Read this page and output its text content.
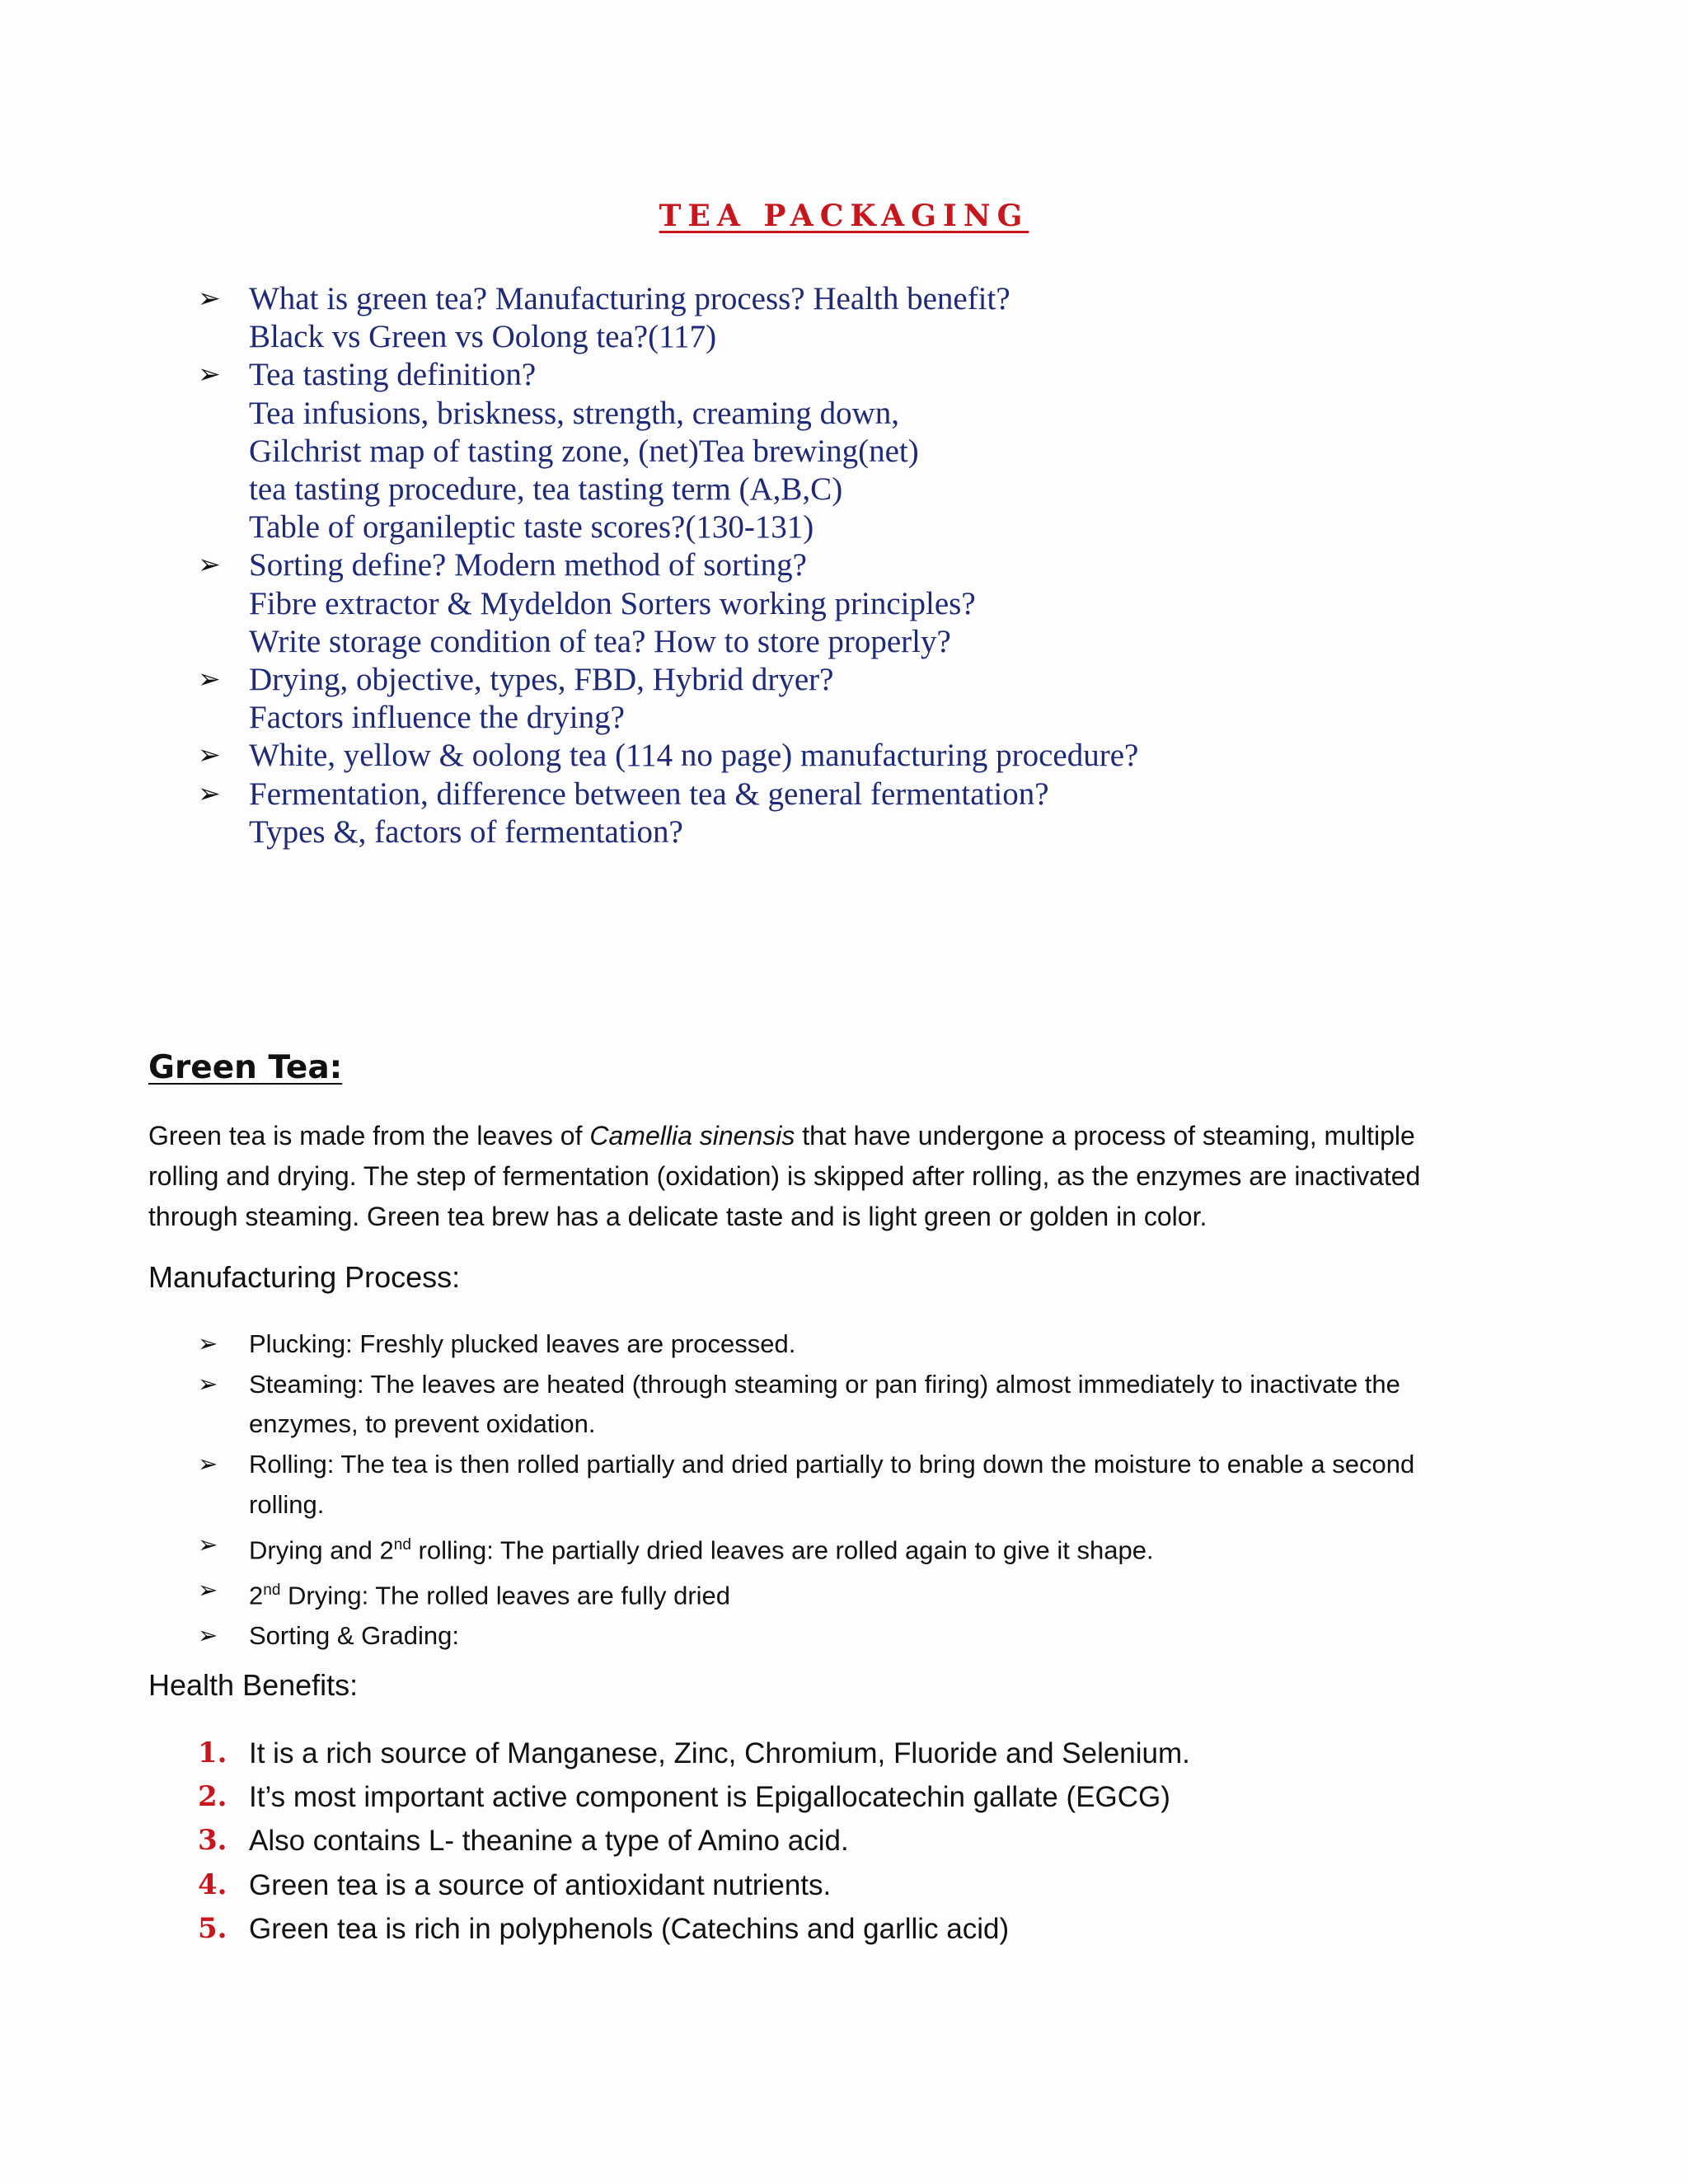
TEA PACKAGING
➢ What is green tea? Manufacturing process? Health benefit?
Black vs Green vs Oolong tea?(117)
➢ Tea tasting definition?
Tea infusions, briskness, strength, creaming down,
Gilchrist map of tasting zone, (net)Tea brewing(net)
tea tasting procedure, tea tasting term (A,B,C)
Table of organileptic taste scores?(130-131)
➢ Sorting define? Modern method of sorting?
Fibre extractor & Mydeldon Sorters working principles?
Write storage condition of tea? How to store properly?
➢ Drying, objective, types, FBD, Hybrid dryer?
Factors influence the drying?
➢ White, yellow & oolong tea (114 no page) manufacturing procedure?
➢ Fermentation, difference between tea & general fermentation?
Types &, factors of fermentation?
Green Tea:

Green tea is made from the leaves of Camellia sinensis that have undergone a process of steaming, multiple
rolling and drying. The step of fermentation (oxidation) is skipped after rolling, as the enzymes are inactivated
through steaming. Green tea brew has a delicate taste and is light green or golden in color.

Manufacturing Process:
➢	Plucking: Freshly plucked leaves are processed.
➢	Steaming: The leaves are heated (through steaming or pan firing) almost immediately to inactivate the
enzymes, to prevent oxidation.
➢	Rolling: The tea is then rolled partially and dried partially to bring down the moisture to enable a second
rolling.
➢	Drying and 2nd rolling: The partially dried leaves are rolled again to give it shape.
➢	2nd Drying: The rolled leaves are fully dried
➢	Sorting & Grading:
Health Benefits:
1. It is a rich source of Manganese, Zinc, Chromium, Fluoride and Selenium.
2. It’s most important active component is Epigallocatechin gallate (EGCG)
3. Also contains L- theanine a type of Amino acid.
4. Green tea is a source of antioxidant nutrients.
5. Green tea is rich in polyphenols (Catechins and garllic acid)
